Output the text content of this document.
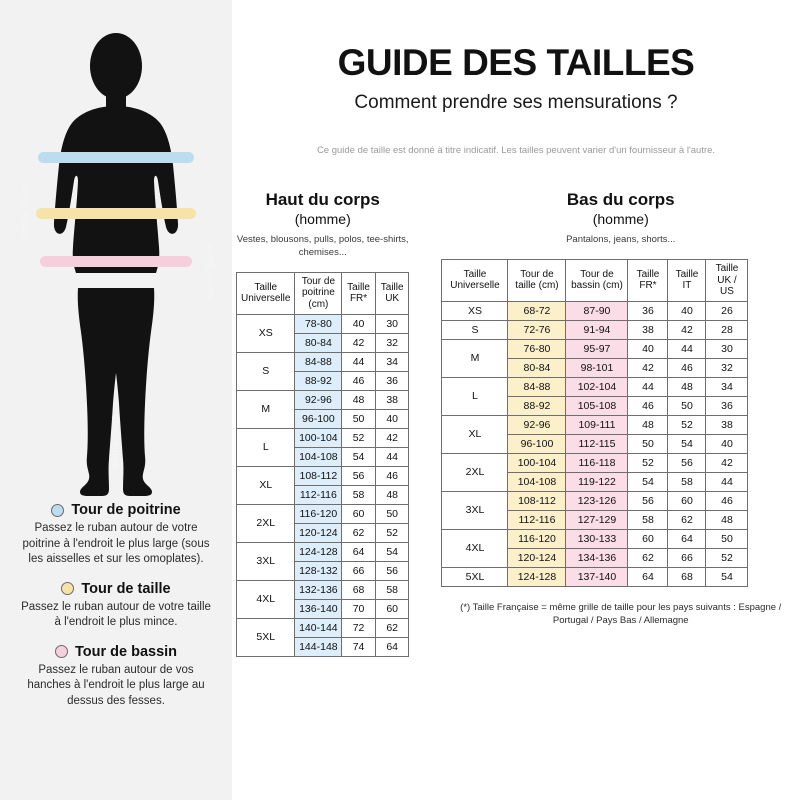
Adobe Stock
Adobe Stock
Adobe Stock
Tour de poitrine
Passez le ruban autour de votre poitrine à l'endroit le plus large (sous les aisselles et sur les omoplates).
Tour de taille
Passez le ruban autour de votre taille à l'endroit le plus mince.
Tour de bassin
Passez le ruban autour de vos hanches à l'endroit le plus large au dessus des fesses.
GUIDE DES TAILLES
Comment prendre ses mensurations ?
Ce guide de taille est donné à titre indicatif. Les tailles peuvent varier d'un fournisseur à l'autre.
Haut du corps
(homme)
Vestes, blousons, pulls, polos, tee-shirts, chemises...
Taille Universelle	Tour de poitrine (cm)	Taille FR*	Taille UK
XS	78-80	40	30
	80-84	42	32
S	84-88	44	34
	88-92	46	36
M	92-96	48	38
	96-100	50	40
L	100-104	52	42
	104-108	54	44
XL	108-112	56	46
	112-116	58	48
2XL	116-120	60	50
	120-124	62	52
3XL	124-128	64	54
	128-132	66	56
4XL	132-136	68	58
	136-140	70	60
5XL	140-144	72	62
	144-148	74	64
Bas du corps
(homme)
Pantalons, jeans, shorts...
Taille Universelle	Tour de taille (cm)	Tour de bassin (cm)	Taille FR*	Taille IT	Taille UK / US
XS	68-72	87-90	36	40	26
S	72-76	91-94	38	42	28
M	76-80	95-97	40	44	30
	80-84	98-101	42	46	32
L	84-88	102-104	44	48	34
	88-92	105-108	46	50	36
XL	92-96	109-111	48	52	38
	96-100	112-115	50	54	40
2XL	100-104	116-118	52	56	42
	104-108	119-122	54	58	44
3XL	108-112	123-126	56	60	46
	112-116	127-129	58	62	48
4XL	116-120	130-133	60	64	50
	120-124	134-136	62	66	52
5XL	124-128	137-140	64	68	54
(*) Taille Française = même grille de taille pour les pays suivants : Espagne / Portugal / Pays Bas / Allemagne
